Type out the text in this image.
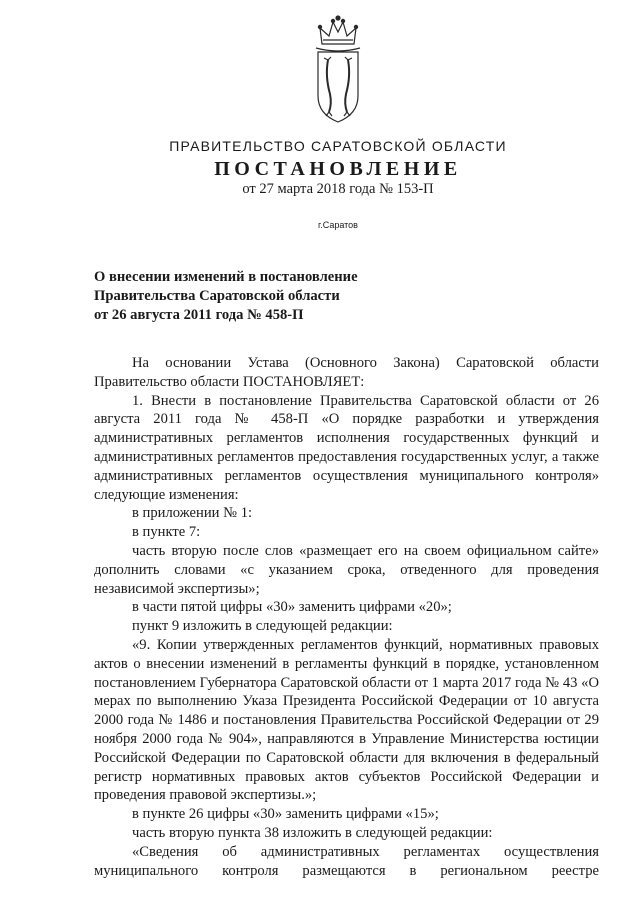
ПРАВИТЕЛЬСТВО САРАТОВСКОЙ ОБЛАСТИ
ПОСТАНОВЛЕНИЕ
от 27 марта 2018 года № 153-П
г.Саратов
О внесении изменений в постановление
Правительства Саратовской области
от 26 августа 2011 года № 458-П

На основании Устава (Основного Закона) Саратовской области Правительство области ПОСТАНОВЛЯЕТ:

1. Внести в постановление Правительства Саратовской области от 26 августа 2011 года № 458-П «О порядке разработки и утверждения административных регламентов исполнения государственных функций и административных регламентов предоставления государственных услуг, а также административных регламентов осуществления муниципального контроля» следующие изменения:

в приложении № 1:

в пункте 7:

часть вторую после слов «размещает его на своем официальном сайте» дополнить словами «с указанием срока, отведенного для проведения независимой экспертизы»;

в части пятой цифры «30» заменить цифрами «20»;

пункт 9 изложить в следующей редакции:

«9. Копии утвержденных регламентов функций, нормативных правовых актов о внесении изменений в регламенты функций в порядке, установленном постановлением Губернатора Саратовской области от 1 марта 2017 года № 43 «О мерах по выполнению Указа Президента Российской Федерации от 10 августа 2000 года № 1486 и постановления Правительства Российской Федерации от 29 ноября 2000 года № 904», направляются в Управление Министерства юстиции Российской Федерации по Саратовской области для включения в федеральный регистр нормативных правовых актов субъектов Российской Федерации и проведения правовой экспертизы.»;

в пункте 26 цифры «30» заменить цифрами «15»;

часть вторую пункта 38 изложить в следующей редакции:

«Сведения об административных регламентах осуществления муниципального контроля размещаются в региональном реестре
